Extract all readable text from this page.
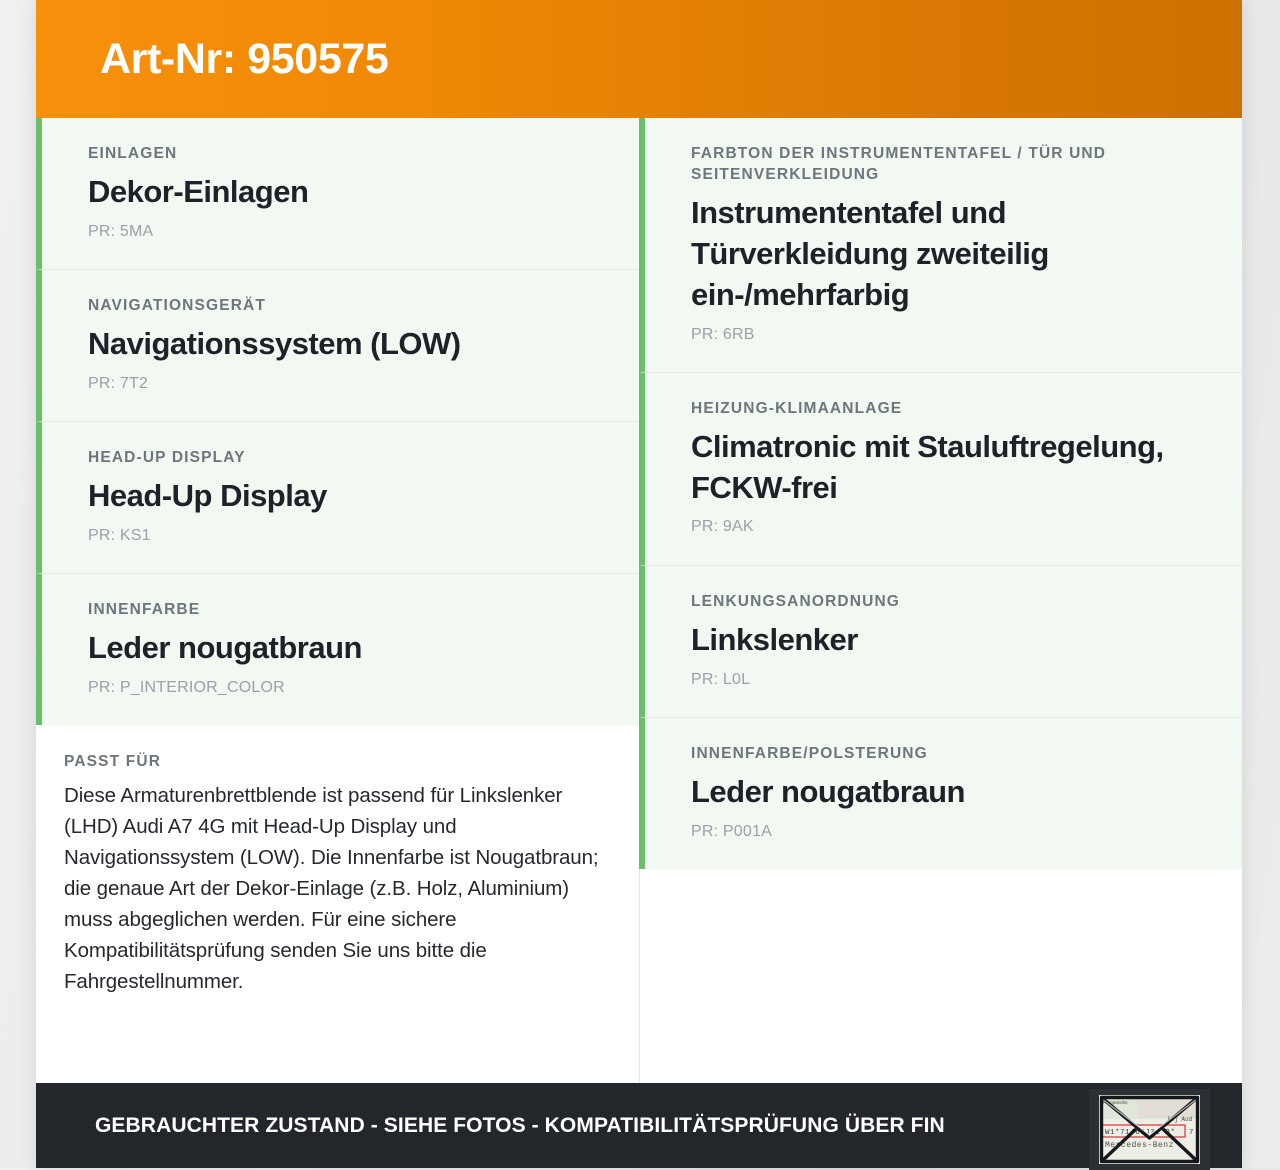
Art-Nr: 950575
EINLAGEN
Dekor-Einlagen
PR: 5MA
NAVIGATIONSGERÄT
Navigationssystem (LOW)
PR: 7T2
HEAD-UP DISPLAY
Head-Up Display
PR: KS1
INNENFARBE
Leder nougatbraun
PR: P_INTERIOR_COLOR
PASST FÜR
Diese Armaturenbrettblende ist passend für Linkslenker (LHD) Audi A7 4G mit Head-Up Display und Navigationssystem (LOW). Die Innenfarbe ist Nougatbraun; die genaue Art der Dekor-Einlage (z.B. Holz, Aluminium) muss abgeglichen werden. Für eine sichere Kompatibilitätsprüfung senden Sie uns bitte die Fahrgestellnummer.
FARBTON DER INSTRUMENTENTAFEL / TÜR UND SEITENVERKLEIDUNG
Instrumententafel und Türverkleidung zweiteilig ein-/mehrfarbig
PR: 6RB
HEIZUNG-KLIMAANLAGE
Climatronic mit Stauluftregelung, FCKW-frei
PR: 9AK
LENKUNGSANORDNUNG
Linkslenker
PR: L0L
INNENFARBE/POLSTERUNG
Leder nougatbraun
PR: P001A
GEBRAUCHTER ZUSTAND - SIEHE FOTOS - KOMPATIBILITÄTSPRÜFUNG ÜBER FIN
Fahrgestellnr.
[4] Aud
W1*71463J31*9* 7
Mercedes-Benz
